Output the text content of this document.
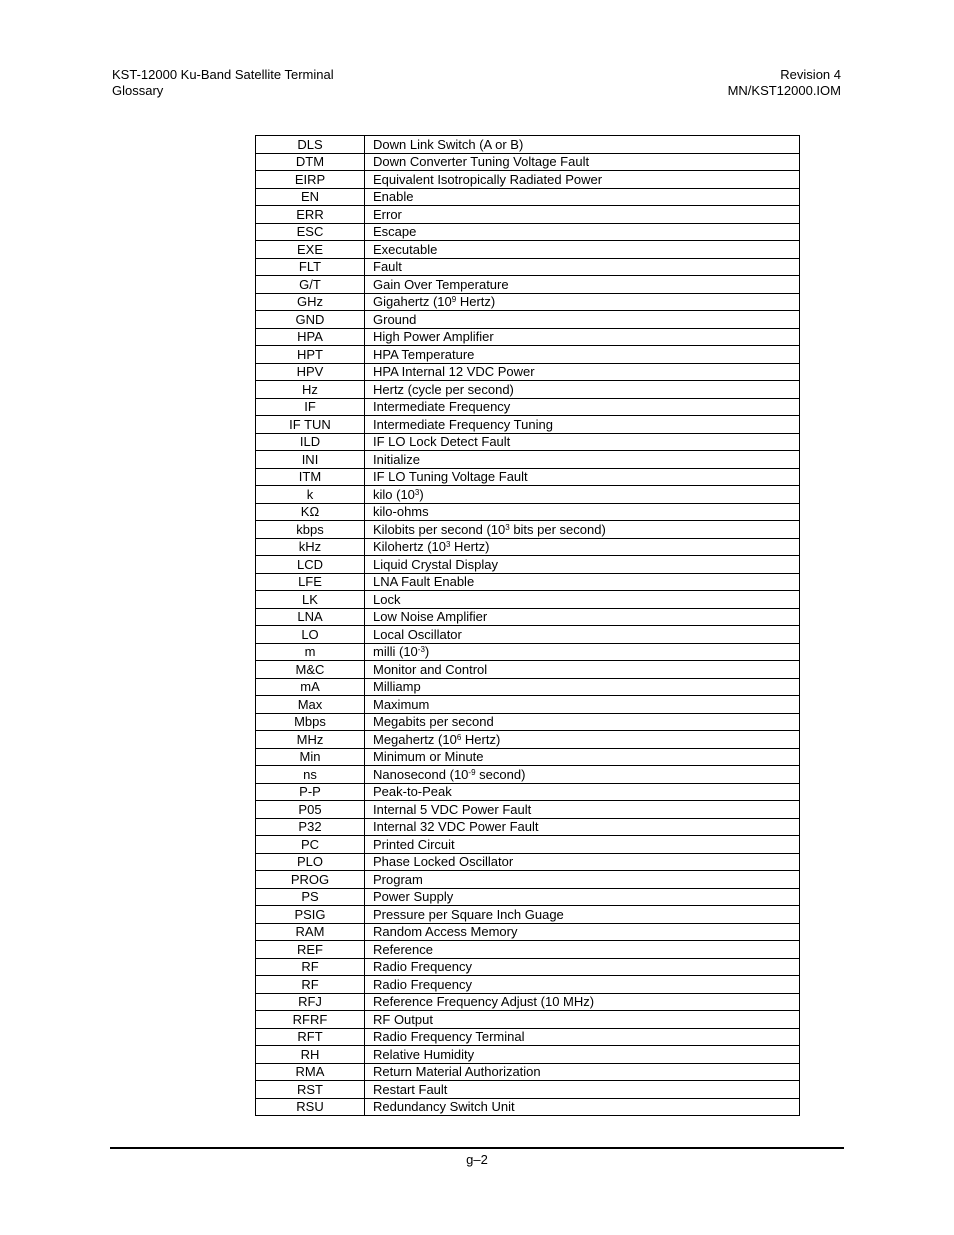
KST-12000 Ku-Band Satellite Terminal
Glossary
Revision 4
MN/KST12000.IOM
DLS	Down Link Switch (A or B)
DTM	Down Converter Tuning Voltage Fault
EIRP	Equivalent Isotropically Radiated Power
EN	Enable
ERR	Error
ESC	Escape
EXE	Executable
FLT	Fault
G/T	Gain Over Temperature
GHz	Gigahertz ($10^9$ Hertz)
GND	Ground
HPA	High Power Amplifier
HPT	HPA Temperature
HPV	HPA Internal 12 VDC Power
Hz	Hertz (cycle per second)
IF	Intermediate Frequency
IF TUN	Intermediate Frequency Tuning
ILD	IF LO Lock Detect Fault
INI	Initialize
ITM	IF LO Tuning Voltage Fault
k	kilo $(10^3)$
KΩ	kilo-ohms
kbps	Kilobits per second ($10^3$ bits per second)
kHz	Kilohertz ($10^3$ Hertz)
LCD	Liquid Crystal Display
LFE	LNA Fault Enable
LK	Lock
LNA	Low Noise Amplifier
LO	Local Oscillator
m	milli $(10^{-3})$
M&C	Monitor and Control
mA	Milliamp
Max	Maximum
Mbps	Megabits per second
MHz	Megahertz ($10^6$ Hertz)
Min	Minimum or Minute
ns	Nanosecond ($10^{-9}$ second)
P-P	Peak-to-Peak
P05	Internal 5 VDC Power Fault
P32	Internal 32 VDC Power Fault
PC	Printed Circuit
PLO	Phase Locked Oscillator
PROG	Program
PS	Power Supply
PSIG	Pressure per Square Inch Guage
RAM	Random Access Memory
REF	Reference
RF	Radio Frequency
RF	Radio Frequency
RFJ	Reference Frequency Adjust (10 MHz)
RFRF	RF Output
RFT	Radio Frequency Terminal
RH	Relative Humidity
RMA	Return Material Authorization
RST	Restart Fault
RSU	Redundancy Switch Unit
g–2
